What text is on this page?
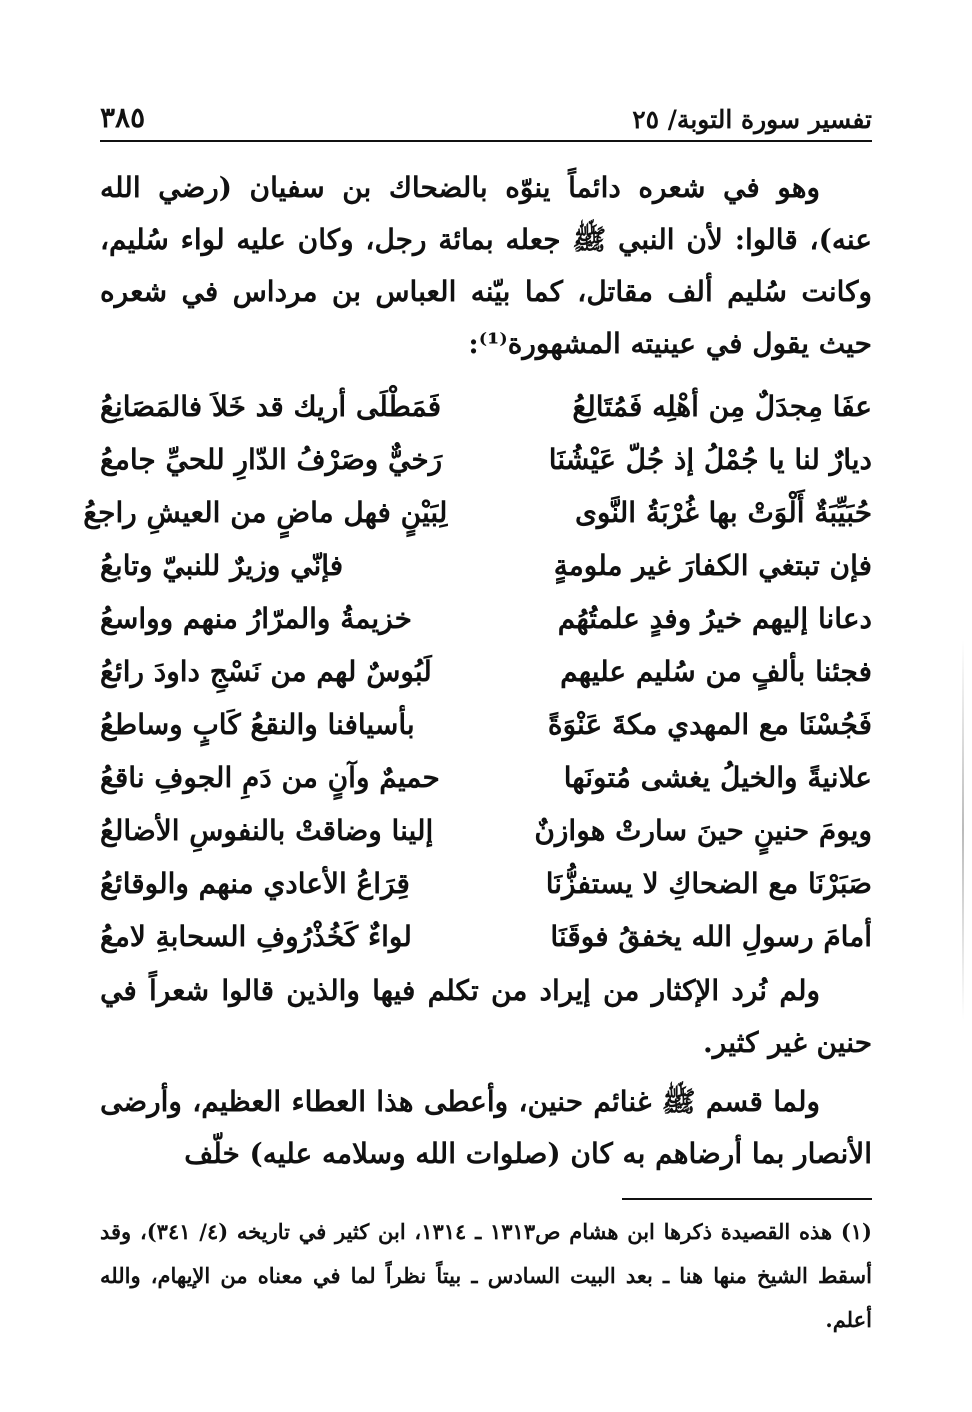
تفسير سورة التوبة/ ٢٥
٣٨٥

وهو في شعره دائماً ينوّه بالضحاك بن سفيان (رضي الله عنه)، قالوا: لأن النبي ﷺ جعله بمائة رجل، وكان عليه لواء سُليم، وكانت سُليم ألف مقاتل، كما بيّنه العباس بن مرداس في شعره حيث يقول في عينيته المشهورة⁽¹⁾:

عفَا مِجدَلٌ مِن أهْلِه فَمُتَالِعُ
فَمَطْلَى أريك قد خَلاَ فالمَصَانِعُ
ديارٌ لنا يا جُمْلُ إذ جُلّ عَيْشُنَا
رَخيٌّ وصَرْفُ الدّارِ للحيِّ جامعُ
حُبَيِّبَةٌ أَلْوَتْ بها غُرْبَةُ النَّوى
لِبَيْنٍ فهل ماضٍ من العيشِ راجعُ
فإن تبتغي الكفارَ غير ملومةٍ
فإنّي وزيرٌ للنبيّ وتابعُ
دعانا إليهم خيرُ وفدٍ علمتُهُم
خزيمةُ والمرّارُ منهم وواسعُ
فجئنا بألفٍ من سُليم عليهم
لَبُوسٌ لهم من نَسْجِ داودَ رائعُ
فَجُسْنَا مع المهدي مكةَ عَنْوَةً
بأسيافنا والنقعُ كَابٍ وساطعُ
علانيةً والخيلُ يغشى مُتونَها
حميمٌ وآنٍ من دَمِ الجوفِ ناقعُ
ويومَ حنينٍ حينَ سارتْ هوازنٌ
إلينا وضاقتْ بالنفوسِ الأضالعُ
صَبَرْنَا مع الضحاكِ لا يستفزُّنَا
قِرَاعُ الأعادي منهم والوقائعُ
أمامَ رسولِ الله يخفقُ فوقَنَا
لواءٌ كَخُذْرُوفِ السحابةِ لامعُ

ولم نُرد الإكثار من إيراد من تكلم فيها والذين قالوا شعراً في حنين غير كثير.

ولما قسم ﷺ غنائم حنين، وأعطى هذا العطاء العظيم، وأرضى الأنصار بما أرضاهم به كان (صلوات الله وسلامه عليه) خلّف

(١) هذه القصيدة ذكرها ابن هشام ص١٣١٣ ـ ١٣١٤، ابن كثير في تاريخه (٤/ ٣٤١)، وقد أسقط الشيخ منها هنا ـ بعد البيت السادس ـ بيتاً نظراً لما في معناه من الإيهام، والله أعلم.
